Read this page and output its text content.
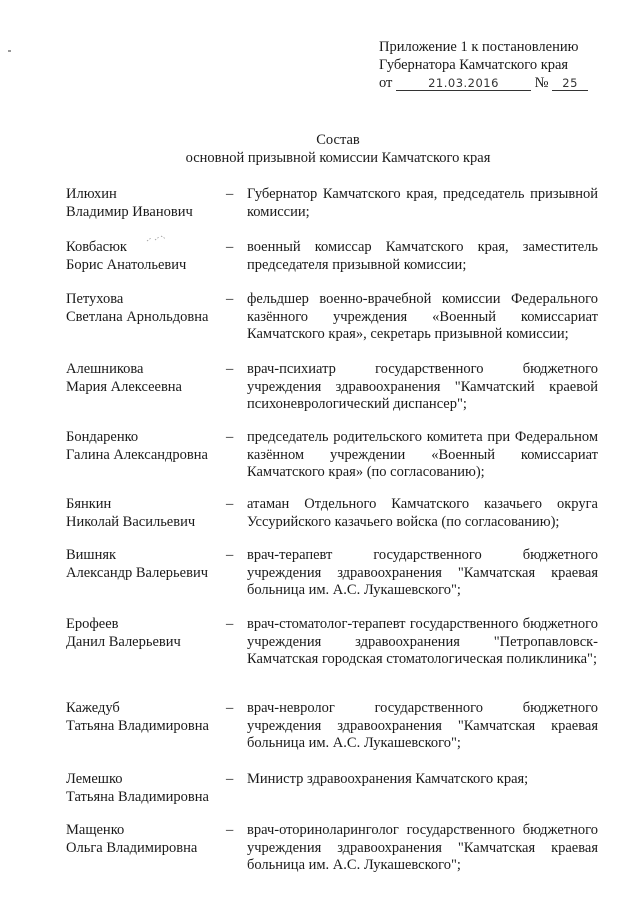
Приложение 1 к постановлению
Губернатора Камчатского края
от	21.03.2016 № 25
Состав
основной призывной комиссии Камчатского края
Илюхин
Владимир Иванович
– Губернатор Камчатского края, председатель призывной комиссии;
Ковбасюк
Борис Анатольевич
– военный комиссар Камчатского края, заместитель председателя призывной комиссии;
Петухова
Светлана Арнольдовна
– фельдшер военно-врачебной комиссии Федерального казённого учреждения «Военный комиссариат Камчатского края», секретарь призывной комиссии;
Алешникова
Мария Алексеевна
– врач-психиатр государственного бюджетного учреждения здравоохранения "Камчатский краевой психоневрологический диспансер";
Бондаренко
Галина Александровна
– председатель родительского комитета при Федеральном казённом учреждении «Военный комиссариат Камчатского края» (по согласованию);
Бянкин
Николай Васильевич
– атаман Отдельного Камчатского казачьего округа Уссурийского казачьего войска (по согласованию);
Вишняк
Александр Валерьевич
– врач-терапевт государственного бюджетного учреждения здравоохранения "Камчатская краевая больница им. А.С. Лукашевского";
Ерофеев
Данил Валерьевич
– врач-стоматолог-терапевт государственного бюджетного учреждения здравоохранения "Петропавловск-Камчатская городская стоматологическая поликлиника";
Кажедуб
Татьяна Владимировна
– врач-невролог государственного бюджетного учреждения здравоохранения "Камчатская краевая больница им. А.С. Лукашевского";
Лемешко
Татьяна Владимировна
– Министр здравоохранения Камчатского края;
Мащенко
Ольга Владимировна
– врач-оториноларинголог государственного бюджетного учреждения здравоохранения "Камчатская краевая больница им. А.С. Лукашевского";
